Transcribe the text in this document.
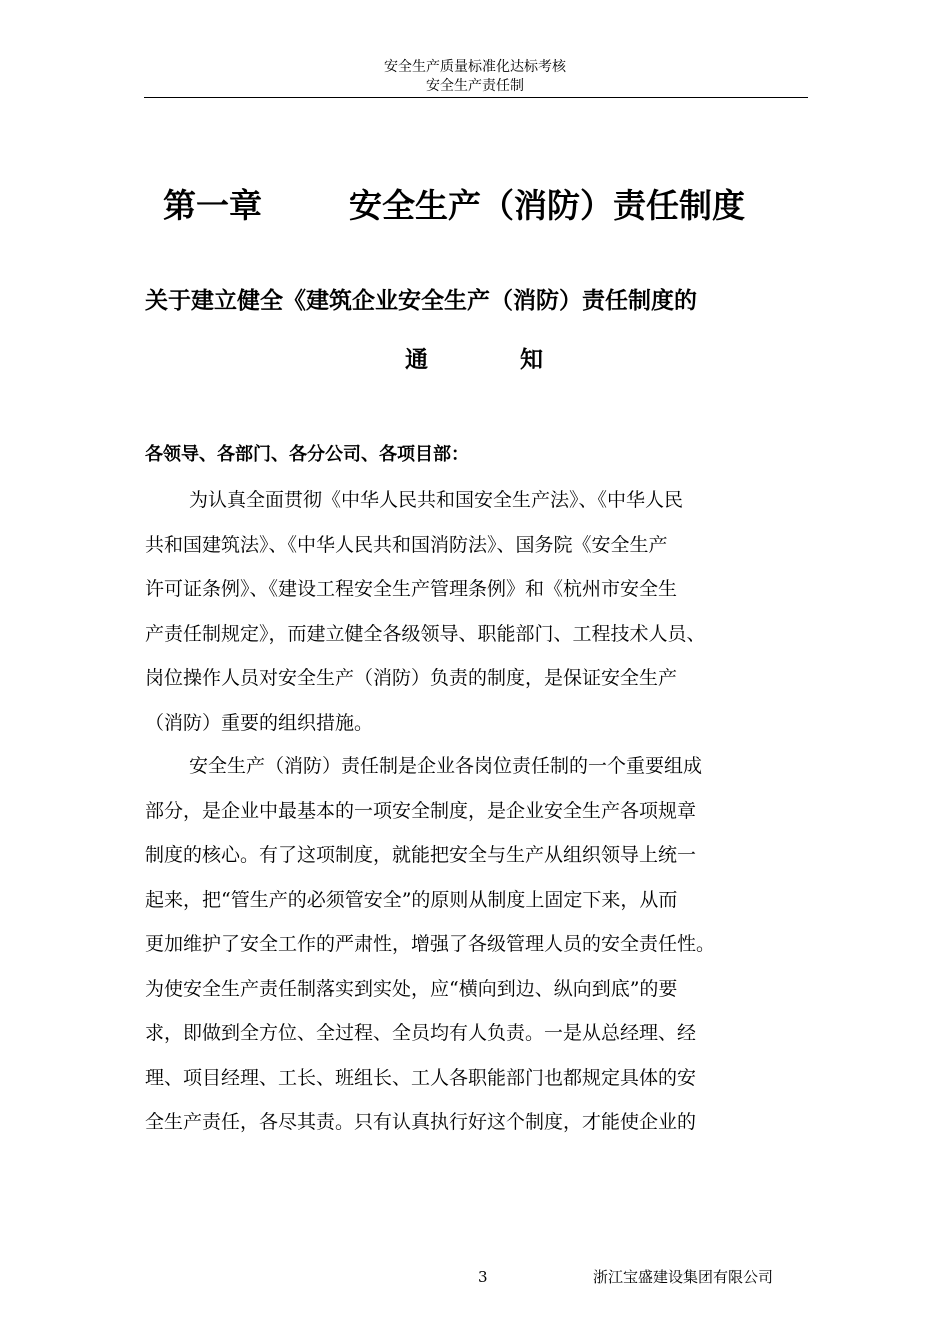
安全生产质量标准化达标考核
安全生产责任制
第一章	安全生产（消防）责任制度
关于建立健全《建筑企业安全生产（消防）责任制度的
通	知
各领导、各部门、各分公司、各项目部：
为认真全面贯彻《中华人民共和国安全生产法》、《中华人民
共和国建筑法》、《中华人民共和国消防法》、国务院《安全生产
许可证条例》、《建设工程安全生产管理条例》和《杭州市安全生
产责任制规定》，而建立健全各级领导、职能部门、工程技术人员、
岗位操作人员对安全生产（消防）负责的制度，是保证安全生产
（消防）重要的组织措施。
安全生产（消防）责任制是企业各岗位责任制的一个重要组成
部分，是企业中最基本的一项安全制度，是企业安全生产各项规章
制度的核心。有了这项制度，就能把安全与生产从组织领导上统一
起来，把“管生产的必须管安全”的原则从制度上固定下来，从而
更加维护了安全工作的严肃性，增强了各级管理人员的安全责任性。
为使安全生产责任制落实到实处，应“横向到边、纵向到底”的要
求，即做到全方位、全过程、全员均有人负责。一是从总经理、经
理、项目经理、工长、班组长、工人各职能部门也都规定具体的安
全生产责任，各尽其责。只有认真执行好这个制度，才能使企业的
3	浙江宝盛建设集团有限公司
